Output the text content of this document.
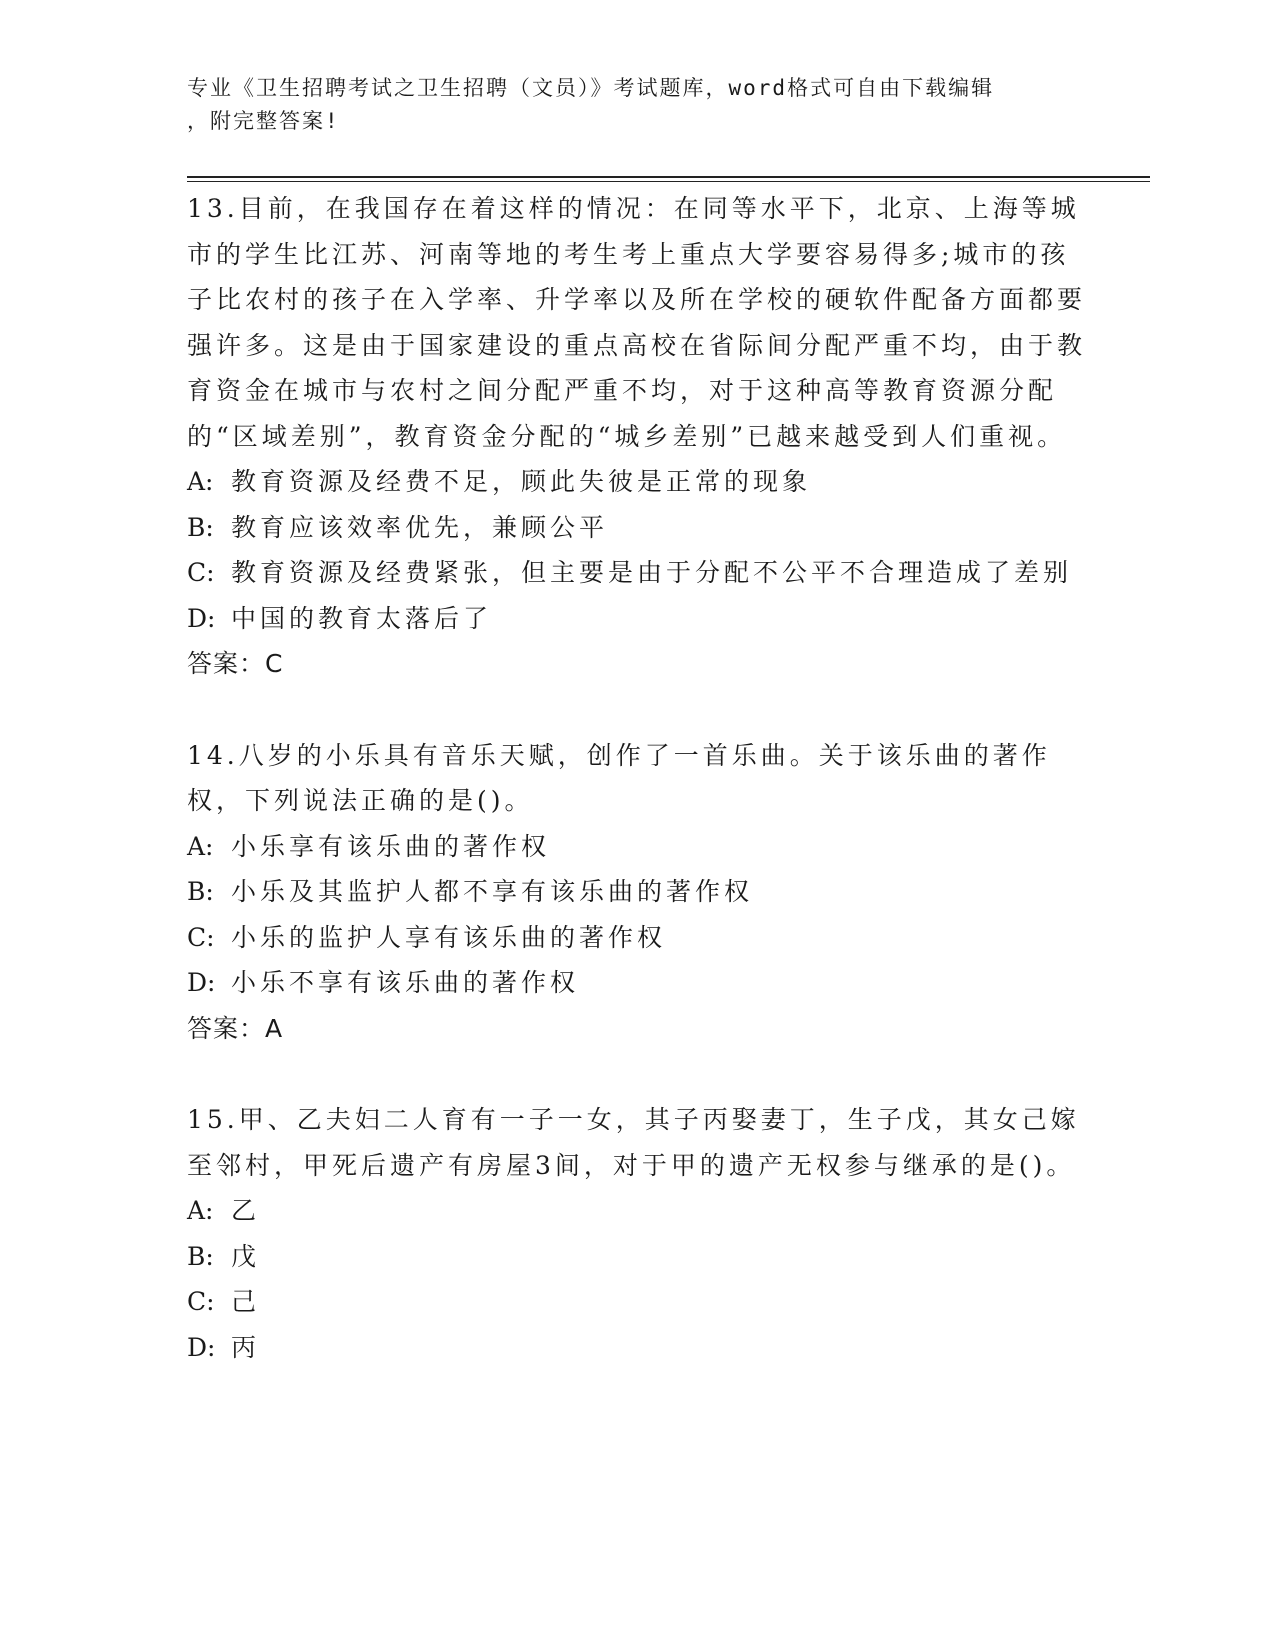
专业《卫生招聘考试之卫生招聘（文员）》考试题库，word格式可自由下载编辑
，附完整答案!

13.目前，在我国存在着这样的情况：在同等水平下，北京、上海等城市的学生比江苏、河南等地的考生考上重点大学要容易得多;城市的孩子比农村的孩子在入学率、升学率以及所在学校的硬软件配备方面都要强许多。这是由于国家建设的重点高校在省际间分配严重不均，由于教育资金在城市与农村之间分配严重不均，对于这种高等教育资源分配的“区域差别”，教育资金分配的“城乡差别”已越来越受到人们重视。

A: 教育资源及经费不足，顾此失彼是正常的现象

B: 教育应该效率优先，兼顾公平

C: 教育资源及经费紧张，但主要是由于分配不公平不合理造成了差别

D: 中国的教育太落后了

答案：C

14.八岁的小乐具有音乐天赋，创作了一首乐曲。关于该乐曲的著作权，下列说法正确的是()。

A: 小乐享有该乐曲的著作权

B: 小乐及其监护人都不享有该乐曲的著作权

C: 小乐的监护人享有该乐曲的著作权

D: 小乐不享有该乐曲的著作权

答案：A

15.甲、乙夫妇二人育有一子一女，其子丙娶妻丁，生子戊，其女己嫁至邻村，甲死后遗产有房屋3间，对于甲的遗产无权参与继承的是()。

A: 乙

B: 戊

C: 己

D: 丙
